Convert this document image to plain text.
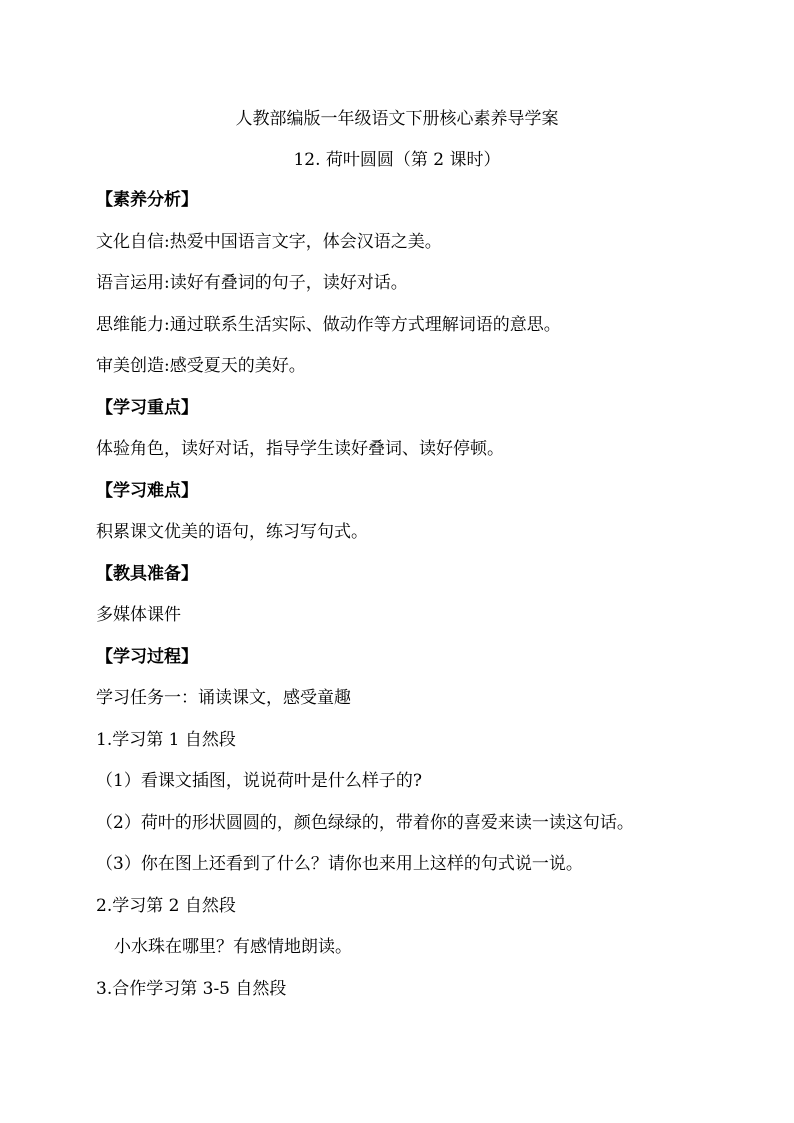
人教部编版一年级语文下册核心素养导学案
12. 荷叶圆圆（第 2 课时）
【素养分析】
文化自信:热爱中国语言文字，体会汉语之美。
语言运用:读好有叠词的句子，读好对话。
思维能力:通过联系生活实际、做动作等方式理解词语的意思。
审美创造:感受夏天的美好。
【学习重点】
体验角色，读好对话，指导学生读好叠词、读好停顿。
【学习难点】
积累课文优美的语句，练习写句式。
【教具准备】
多媒体课件
【学习过程】
学习任务一：诵读课文，感受童趣
1.学习第 1 自然段
（1）看课文插图，说说荷叶是什么样子的?
（2）荷叶的形状圆圆的，颜色绿绿的，带着你的喜爱来读一读这句话。
（3）你在图上还看到了什么？请你也来用上这样的句式说一说。
2.学习第 2 自然段
小水珠在哪里？有感情地朗读。
3.合作学习第 3-5 自然段
